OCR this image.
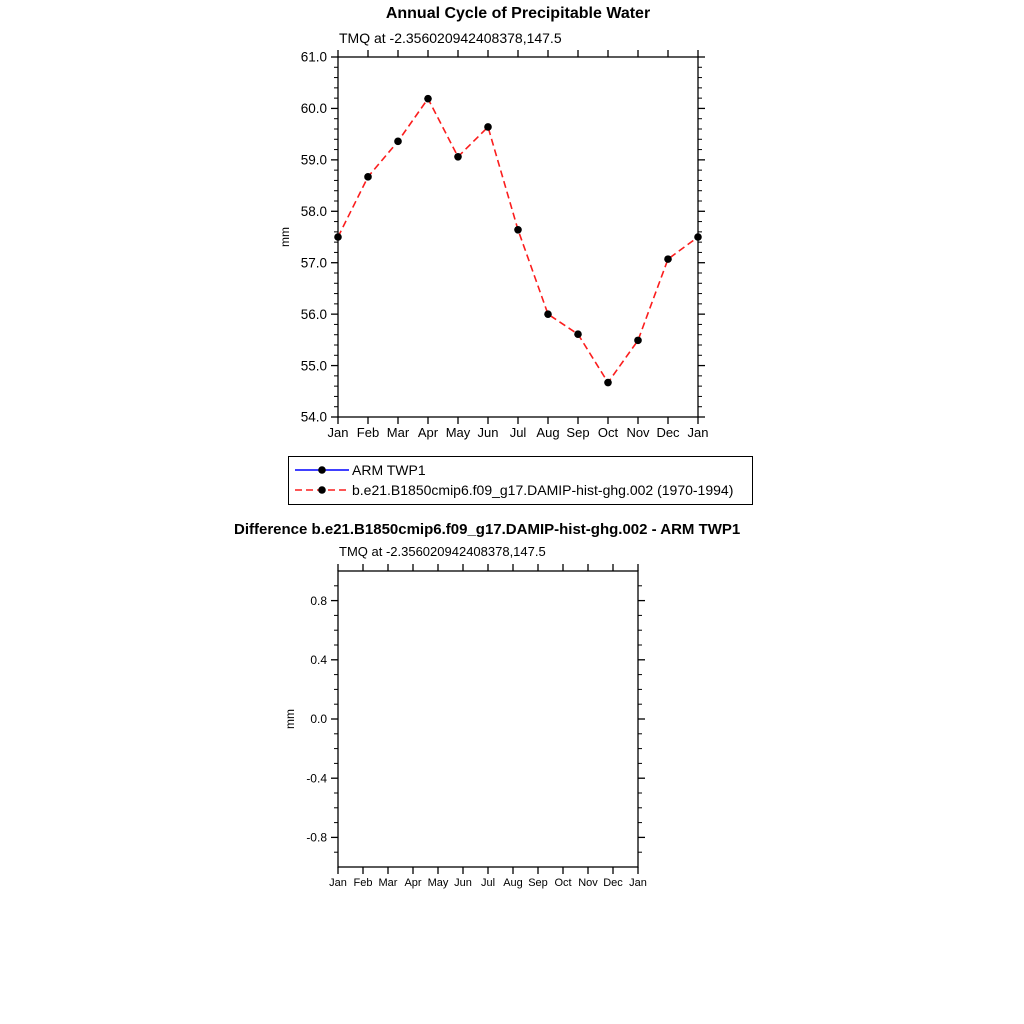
54.0
55.0
56.0
57.0
58.0
59.0
60.0
61.0
Jan Feb Mar Apr May Jun Jul Aug Sep Oct Nov Dec Jan
mm
Annual Cycle of Precipitable Water
TMQ at -2.356020942408378,147.5
ARM TWP1
b.e21.B1850cmip6.f09_g17.DAMIP-hist-ghg.002 (1970-1994)
-0.8
-0.4
0.0
0.4
0.8
Jan Feb Mar Apr May Jun Jul Aug Sep Oct Nov Dec Jan
mm
Difference b.e21.B1850cmip6.f09_g17.DAMIP-hist-ghg.002 - ARM TWP1
TMQ at -2.356020942408378,147.5
